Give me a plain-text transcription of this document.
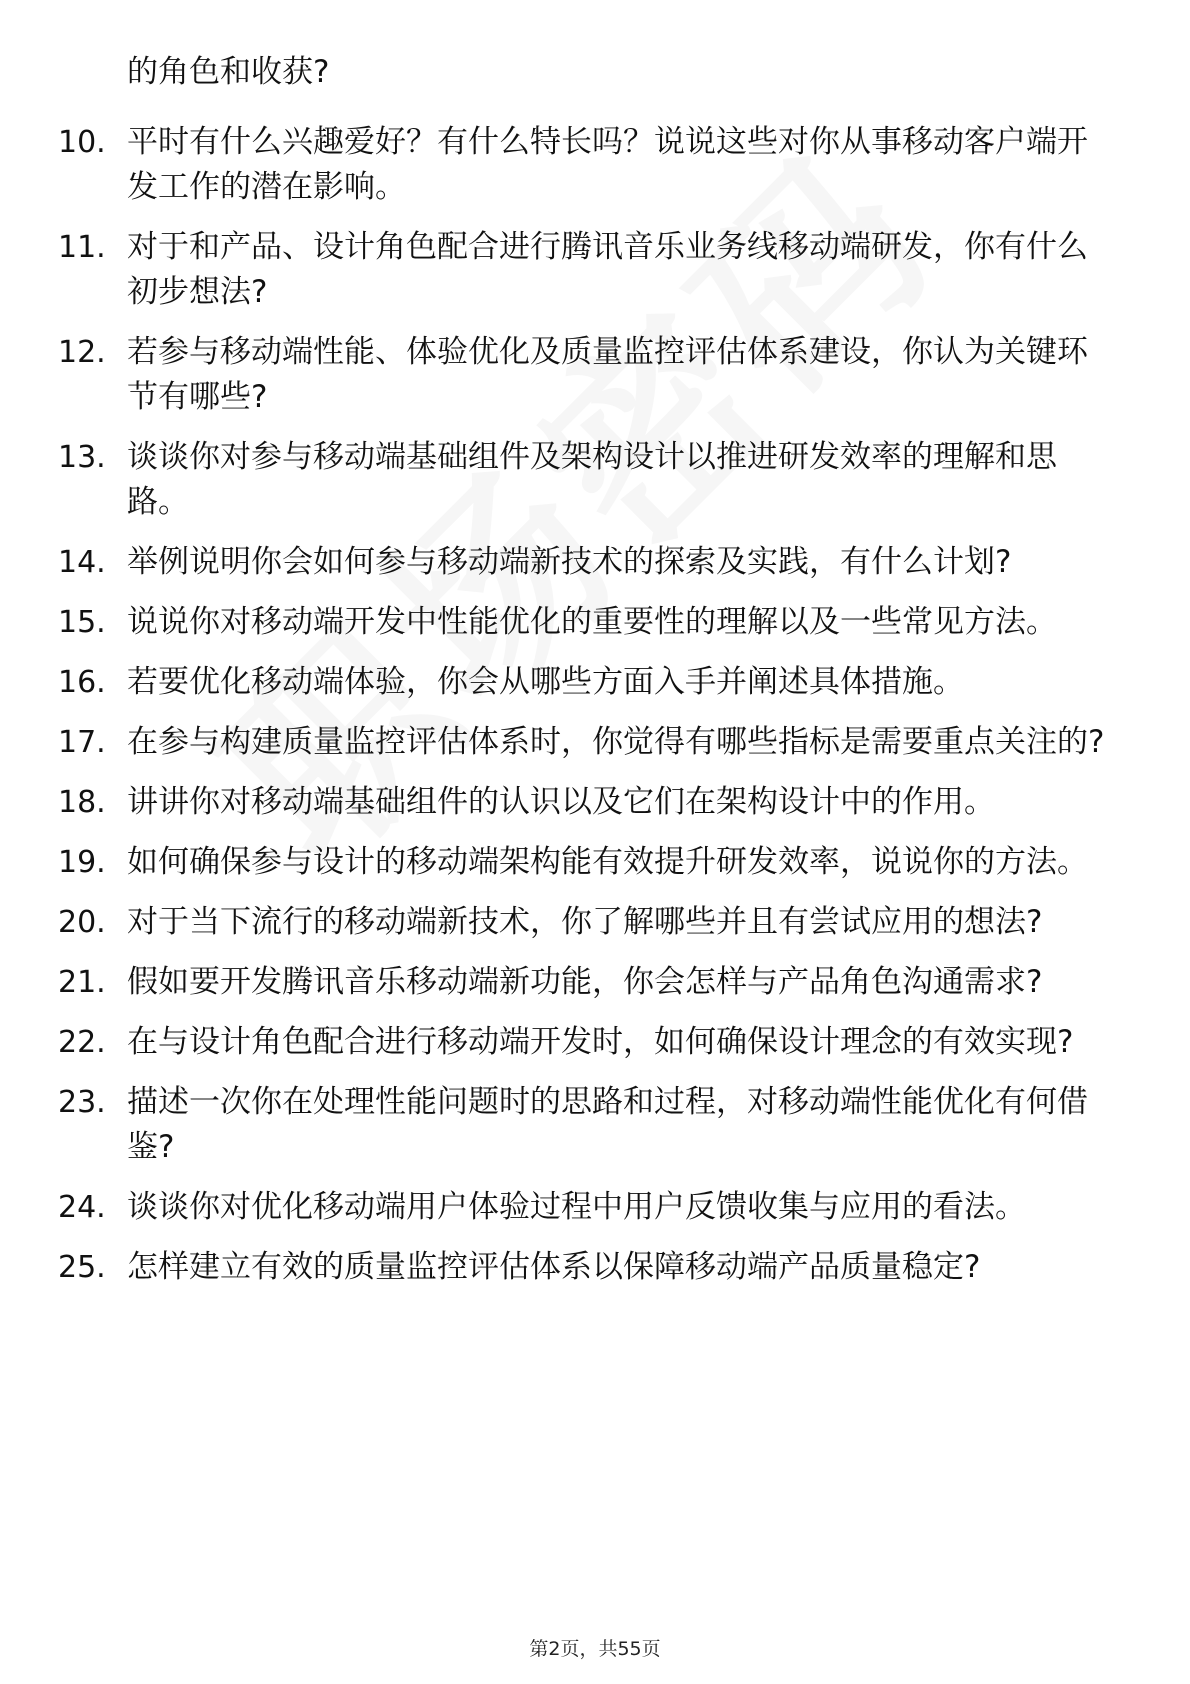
的角色和收获?
10. 平时有什么兴趣爱好？有什么特长吗？说说这些对你从事移动客户端开发工作的潜在影响。
11. 对于和产品、设计角色配合进行腾讯音乐业务线移动端研发，你有什么初步想法?
12. 若参与移动端性能、体验优化及质量监控评估体系建设，你认为关键环节有哪些?
13. 谈谈你对参与移动端基础组件及架构设计以推进研发效率的理解和思路。
14. 举例说明你会如何参与移动端新技术的探索及实践，有什么计划?
15. 说说你对移动端开发中性能优化的重要性的理解以及一些常见方法。
16. 若要优化移动端体验，你会从哪些方面入手并阐述具体措施。
17. 在参与构建质量监控评估体系时，你觉得有哪些指标是需要重点关注的?
18. 讲讲你对移动端基础组件的认识以及它们在架构设计中的作用。
19. 如何确保参与设计的移动端架构能有效提升研发效率，说说你的方法。
20. 对于当下流行的移动端新技术，你了解哪些并且有尝试应用的想法?
21. 假如要开发腾讯音乐移动端新功能，你会怎样与产品角色沟通需求?
22. 在与设计角色配合进行移动端开发时，如何确保设计理念的有效实现?
23. 描述一次你在处理性能问题时的思路和过程，对移动端性能优化有何借鉴?
24. 谈谈你对优化移动端用户体验过程中用户反馈收集与应用的看法。
25. 怎样建立有效的质量监控评估体系以保障移动端产品质量稳定?
第2页，共55页
